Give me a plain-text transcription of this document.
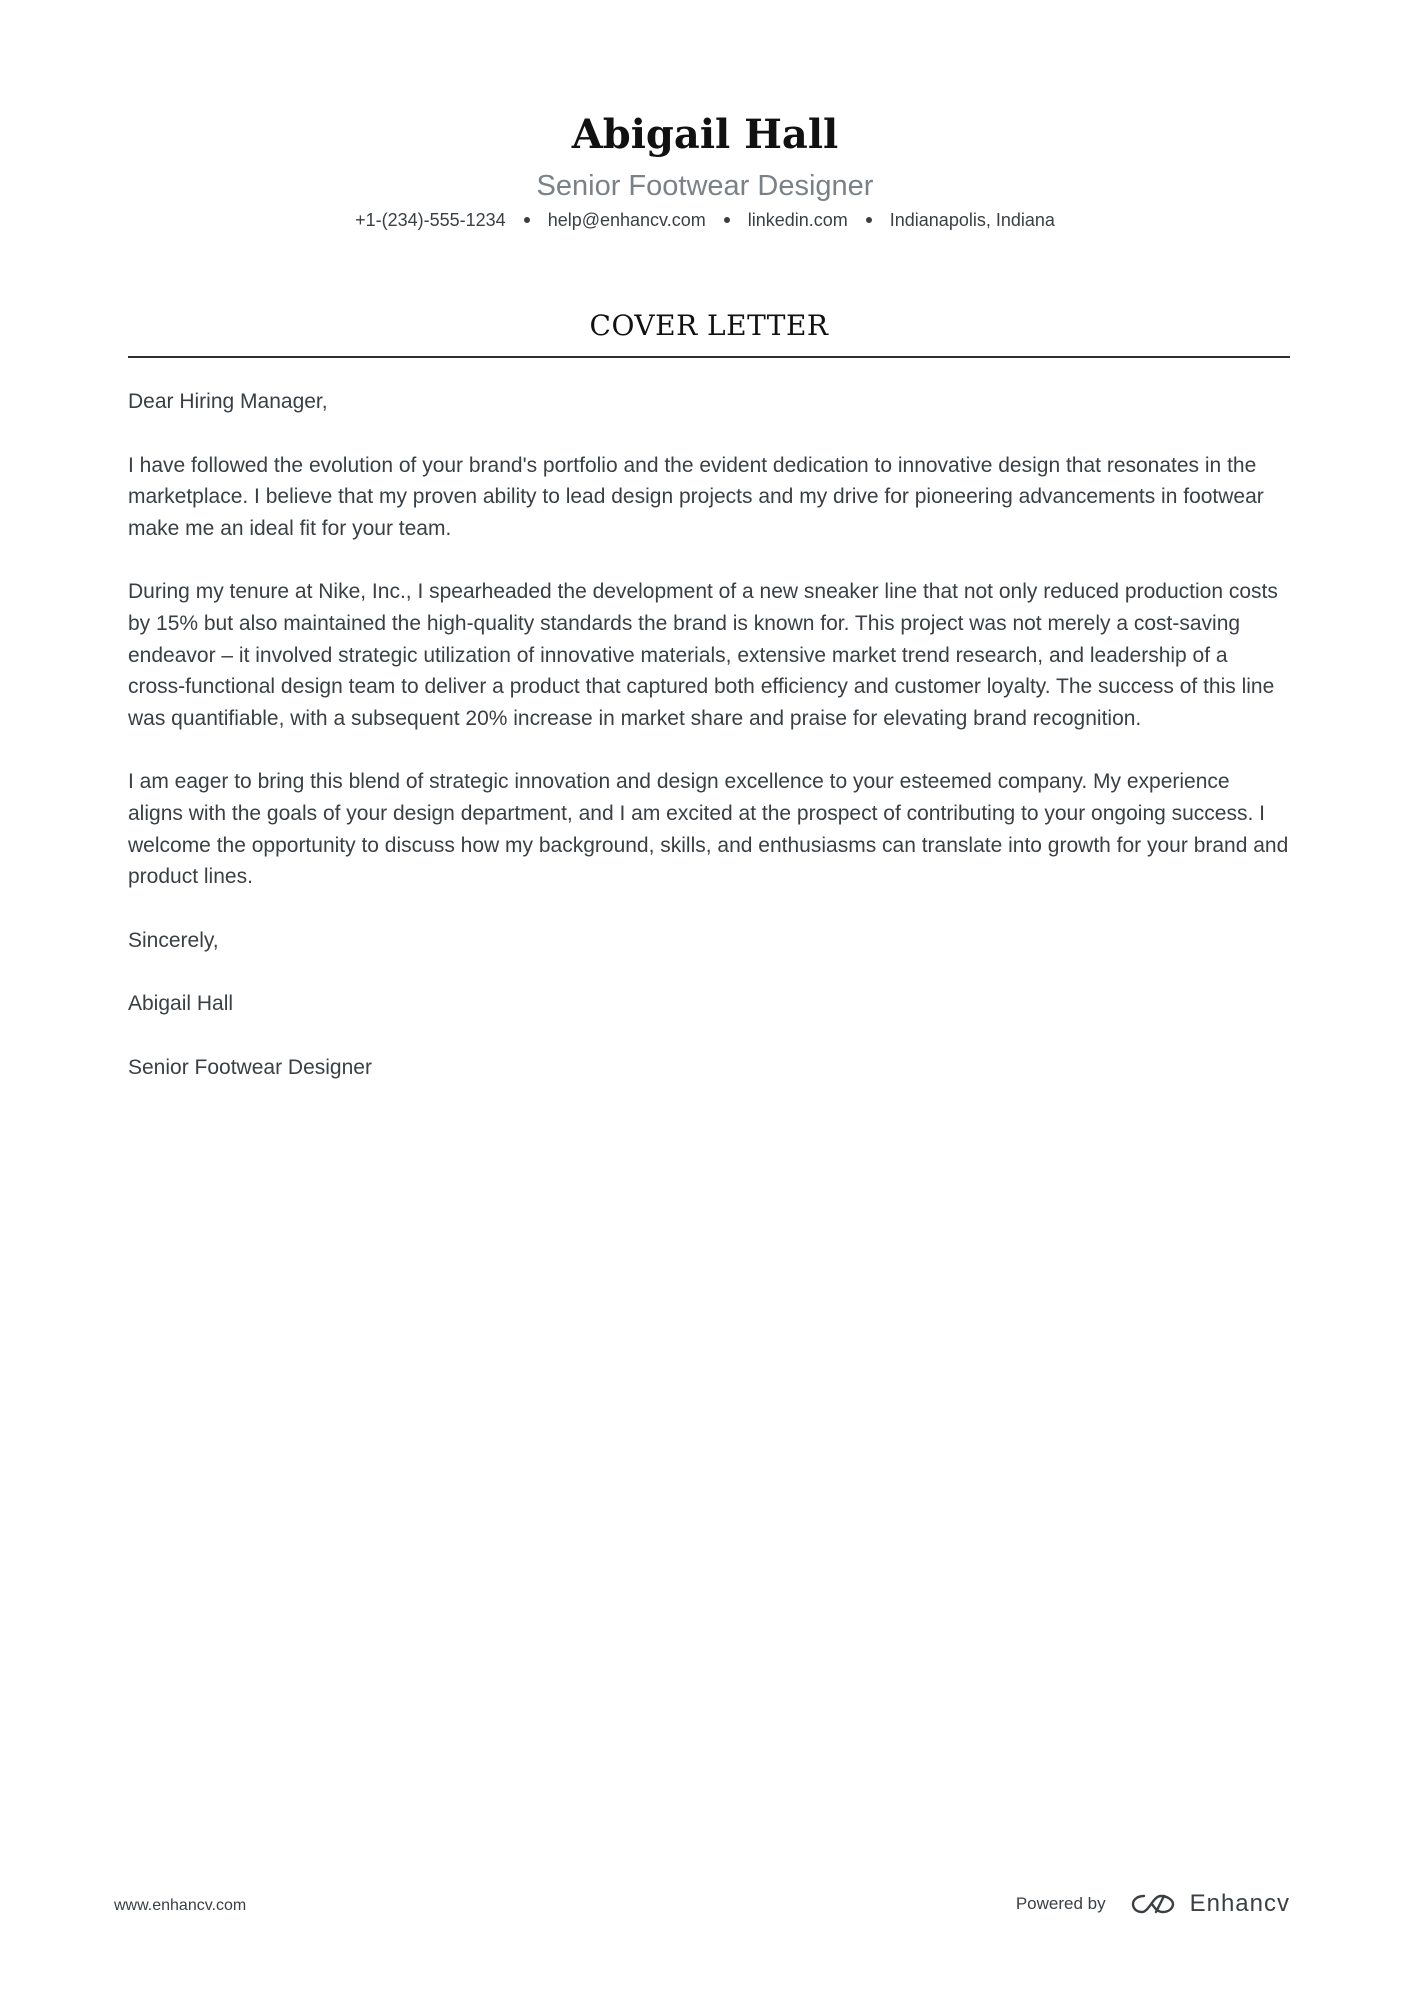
Abigail Hall
Senior Footwear Designer
+1-(234)-555-1234 help@enhancv.com linkedin.com Indianapolis, Indiana
COVER LETTER

Dear Hiring Manager,

I have followed the evolution of your brand's portfolio and the evident dedication to innovative design that resonates in the marketplace. I believe that my proven ability to lead design projects and my drive for pioneering advancements in footwear make me an ideal fit for your team.

During my tenure at Nike, Inc., I spearheaded the development of a new sneaker line that not only reduced production costs by 15% but also maintained the high-quality standards the brand is known for. This project was not merely a cost-saving endeavor – it involved strategic utilization of innovative materials, extensive market trend research, and leadership of a cross-functional design team to deliver a product that captured both efficiency and customer loyalty. The success of this line was quantifiable, with a subsequent 20% increase in market share and praise for elevating brand recognition.

I am eager to bring this blend of strategic innovation and design excellence to your esteemed company. My experience aligns with the goals of your design department, and I am excited at the prospect of contributing to your ongoing success. I welcome the opportunity to discuss how my background, skills, and enthusiasms can translate into growth for your brand and product lines.

Sincerely,

Abigail Hall

Senior Footwear Designer

www.enhancv.com	Powered by	Enhancv
